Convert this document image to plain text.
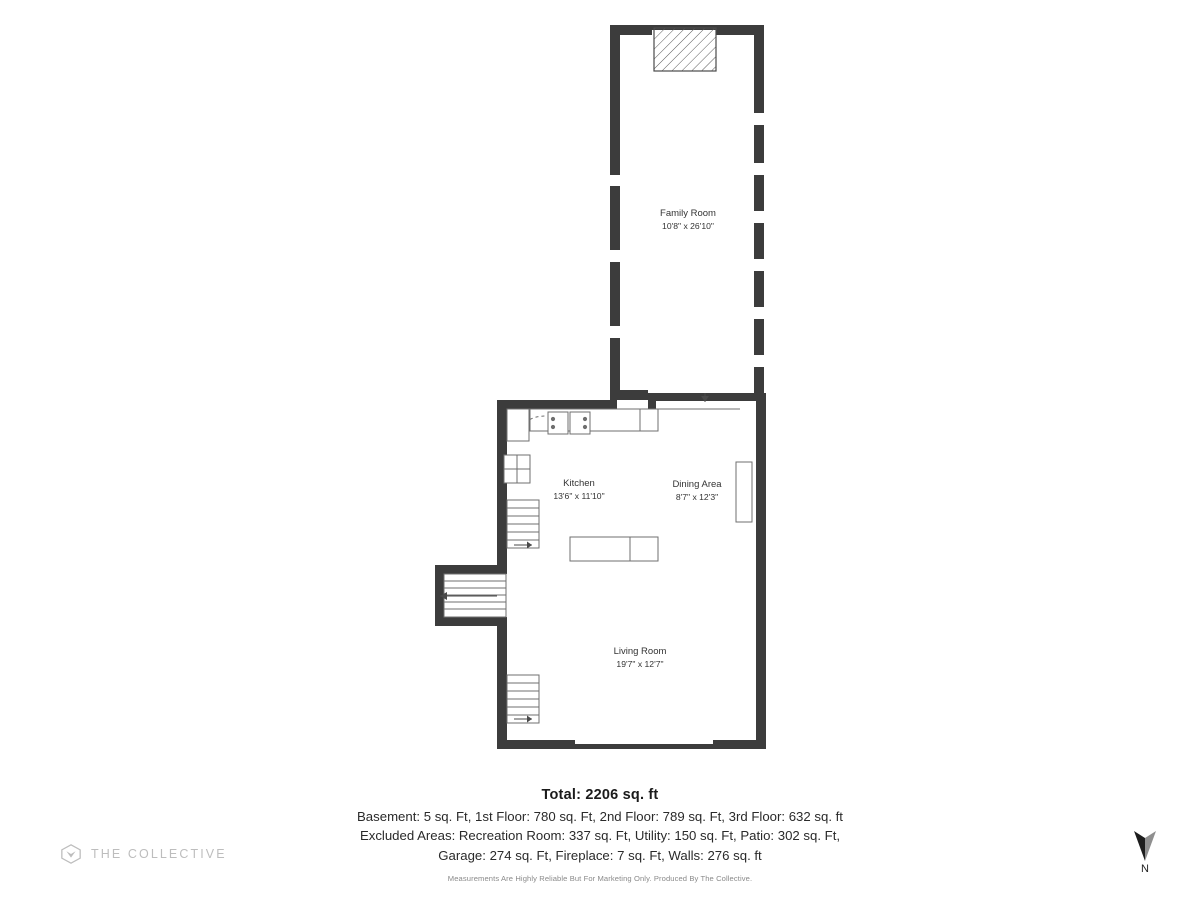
Family Room
10'8" x 26'10"
Kitchen
13'6" x 11'10"
Dining Area
8'7" x 12'3"
Living Room
19'7" x 12'7"
Total: 2206 sq. ft
Basement: 5 sq. Ft, 1st Floor: 780 sq. Ft, 2nd Floor: 789 sq. Ft, 3rd Floor: 632 sq. ft
Excluded Areas: Recreation Room: 337 sq. Ft, Utility: 150 sq. Ft, Patio: 302 sq. Ft,
Garage: 274 sq. Ft, Fireplace: 7 sq. Ft, Walls: 276 sq. ft
Measurements Are Highly Reliable But For Marketing Only. Produced By The Collective.
THE COLLECTIVE
N
